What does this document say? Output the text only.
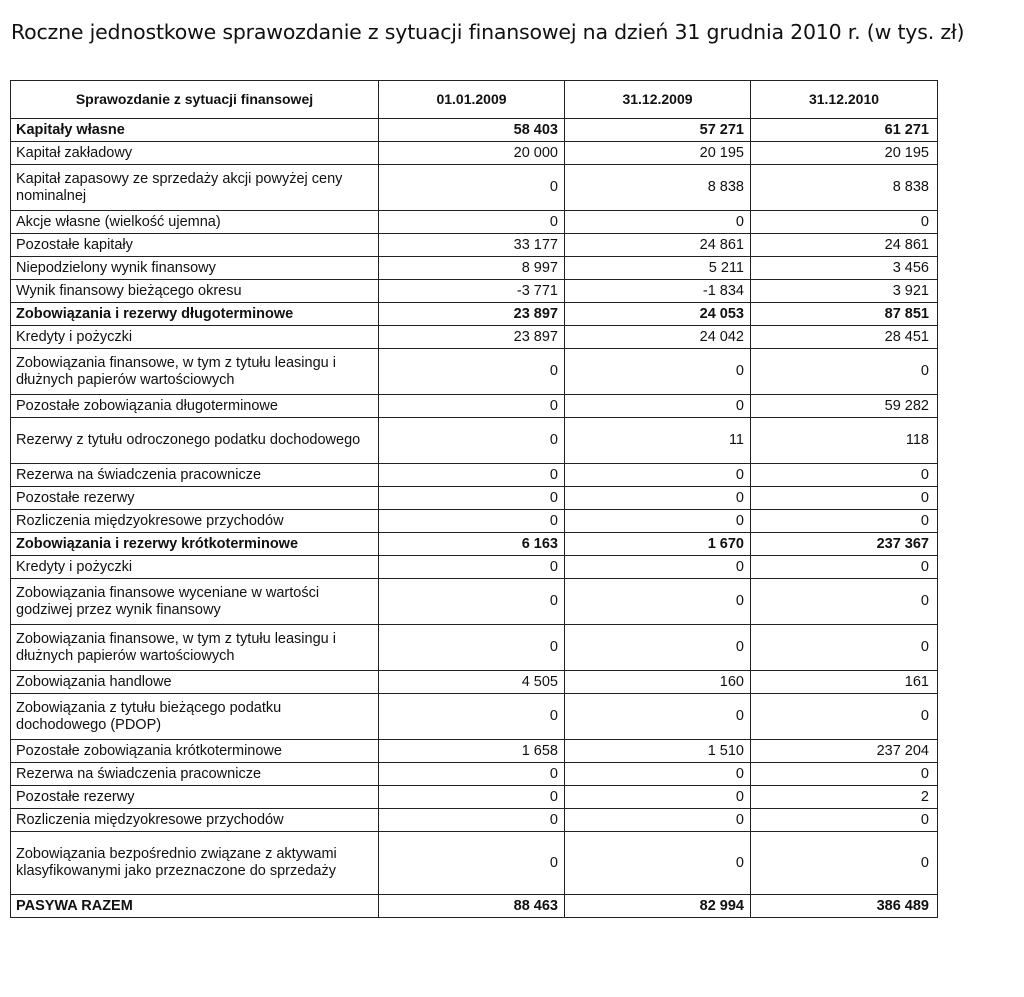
Roczne jednostkowe sprawozdanie z sytuacji finansowej na dzień 31 grudnia 2010 r. (w tys. zł)
Sprawozdanie z sytuacji finansowej	01.01.2009	31.12.2009	31.12.2010
Kapitały własne	58 403	57 271	61 271
Kapitał zakładowy	20 000	20 195	20 195
Kapitał zapasowy ze sprzedaży akcji powyżej ceny nominalnej	0	8 838	8 838
Akcje własne (wielkość ujemna)	0	0	0
Pozostałe kapitały	33 177	24 861	24 861
Niepodzielony wynik finansowy	8 997	5 211	3 456
Wynik finansowy bieżącego okresu	-3 771	-1 834	3 921
Zobowiązania i rezerwy długoterminowe	23 897	24 053	87 851
Kredyty i pożyczki	23 897	24 042	28 451
Zobowiązania finansowe, w tym z tytułu leasingu i dłużnych papierów wartościowych	0	0	0
Pozostałe zobowiązania długoterminowe	0	0	59 282
Rezerwy z tytułu odroczonego podatku dochodowego	0	11	118
Rezerwa na świadczenia pracownicze	0	0	0
Pozostałe rezerwy	0	0	0
Rozliczenia międzyokresowe przychodów	0	0	0
Zobowiązania i rezerwy krótkoterminowe	6 163	1 670	237 367
Kredyty i pożyczki	0	0	0
Zobowiązania finansowe wyceniane w wartości godziwej przez wynik finansowy	0	0	0
Zobowiązania finansowe, w tym z tytułu leasingu i dłużnych papierów wartościowych	0	0	0
Zobowiązania handlowe	4 505	160	161
Zobowiązania z tytułu bieżącego podatku dochodowego (PDOP)	0	0	0
Pozostałe zobowiązania krótkoterminowe	1 658	1 510	237 204
Rezerwa na świadczenia pracownicze	0	0	0
Pozostałe rezerwy	0	0	2
Rozliczenia międzyokresowe przychodów	0	0	0
Zobowiązania bezpośrednio związane z aktywami klasyfikowanymi jako przeznaczone do sprzedaży	0	0	0
PASYWA RAZEM	88 463	82 994	386 489
